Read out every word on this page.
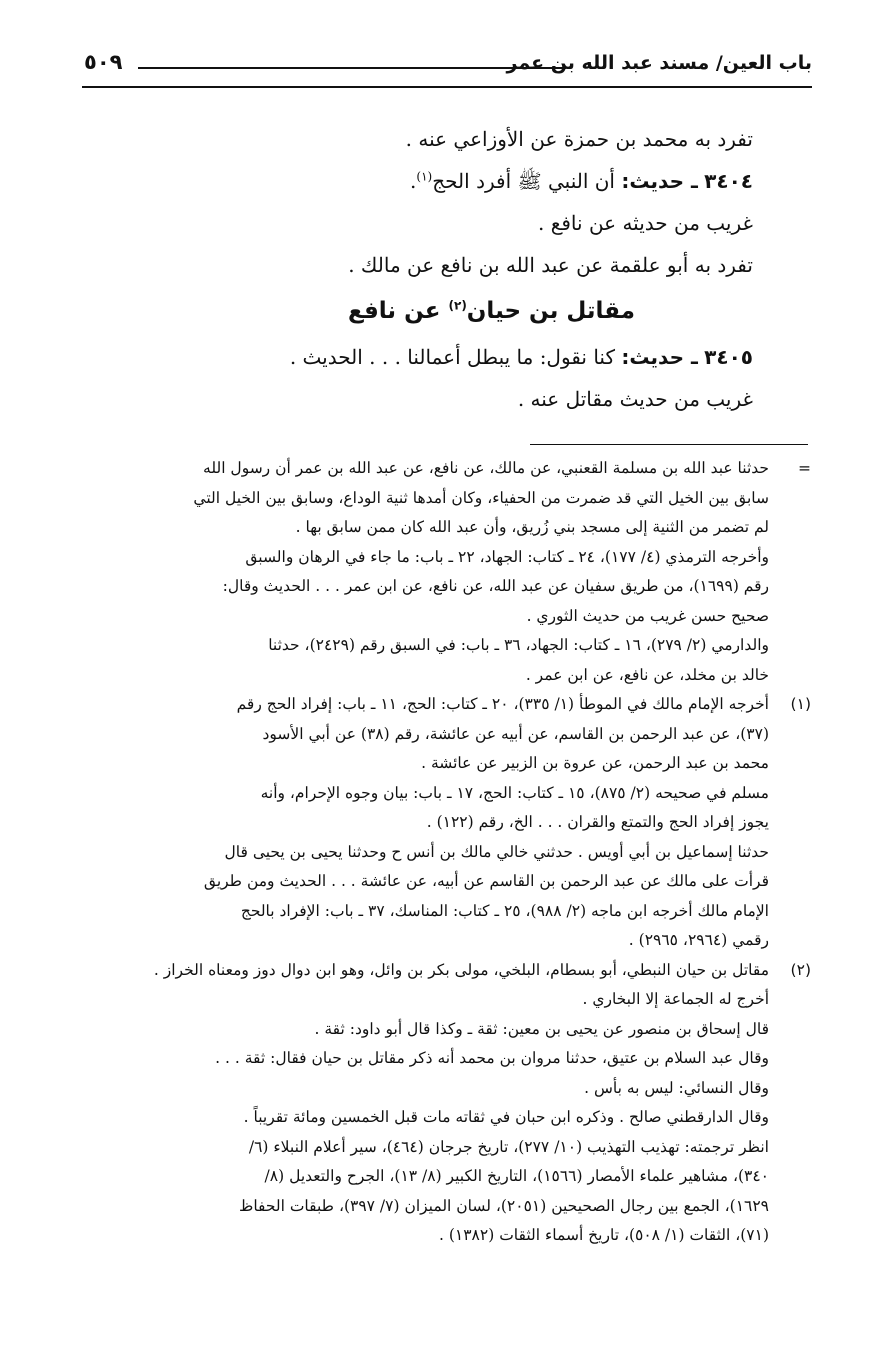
باب العين/ مسند عبد الله بن عمر
٥٠٩
تفرد به محمد بن حمزة عن الأوزاعي عنه .
٣٤٠٤ ـ حديث: أن النبي ﷺ أفرد الحج$^{(١)}$.
غريب من حديثه عن نافع .
تفرد به أبو علقمة عن عبد الله بن نافع عن مالك .
مقاتل بن حيان$^{(٢)}$ عن نافع
٣٤٠٥ ـ حديث: كنا نقول: ما يبطل أعمالنا . . . الحديث .
غريب من حديث مقاتل عنه .
=
حدثنا عبد الله بن مسلمة القعنبي، عن مالك، عن نافع، عن عبد الله بن عمر أن رسول الله
سابق بين الخيل التي قد ضمرت من الحفياء، وكان أمدها ثنية الوداع، وسابق بين الخيل التي
لم تضمر من الثنية إلى مسجد بني زُريق، وأن عبد الله كان ممن سابق بها .
وأخرجه الترمذي (٤/ ١٧٧)، ٢٤ ـ كتاب: الجهاد، ٢٢ ـ باب: ما جاء في الرهان والسبق
رقم (١٦٩٩)، من طريق سفيان عن عبد الله، عن نافع، عن ابن عمر . . . الحديث وقال:
صحيح حسن غريب من حديث الثوري .
والدارمي (٢/ ٢٧٩)، ١٦ ـ كتاب: الجهاد، ٣٦ ـ باب: في السبق رقم (٢٤٢٩)، حدثنا
خالد بن مخلد، عن نافع، عن ابن عمر .
(١)
أخرجه الإمام مالك في الموطأ (١/ ٣٣٥)، ٢٠ ـ كتاب: الحج، ١١ ـ باب: إفراد الحج رقم
(٣٧)، عن عبد الرحمن بن القاسم، عن أبيه عن عائشة، رقم (٣٨) عن أبي الأسود
محمد بن عبد الرحمن، عن عروة بن الزبير عن عائشة .
مسلم في صحيحه (٢/ ٨٧٥)، ١٥ ـ كتاب: الحج، ١٧ ـ باب: بيان وجوه الإحرام، وأنه
يجوز إفراد الحج والتمتع والقران . . . الخ، رقم (١٢٢) .
حدثنا إسماعيل بن أبي أويس . حدثني خالي مالك بن أنس ح وحدثنا يحيى بن يحيى قال
قرأت على مالك عن عبد الرحمن بن القاسم عن أبيه، عن عائشة . . . الحديث ومن طريق
الإمام مالك أخرجه ابن ماجه (٢/ ٩٨٨)، ٢٥ ـ كتاب: المناسك، ٣٧ ـ باب: الإفراد بالحج
رقمي (٢٩٦٤، ٢٩٦٥) .
(٢)
مقاتل بن حيان النبطي، أبو بسطام، البلخي، مولى بكر بن وائل، وهو ابن دوال دوز ومعناه الخراز .
أخرج له الجماعة إلا البخاري .
قال إسحاق بن منصور عن يحيى بن معين: ثقة ـ وكذا قال أبو داود: ثقة .
وقال عبد السلام بن عتيق، حدثنا مروان بن محمد أنه ذكر مقاتل بن حيان فقال: ثقة . . .
وقال النسائي: ليس به بأس .
وقال الدارقطني صالح . وذكره ابن حبان في ثقاته مات قبل الخمسين ومائة تقريباً .
انظر ترجمته: تهذيب التهذيب (١٠/ ٢٧٧)، تاريخ جرجان (٤٦٤)، سير أعلام النبلاء (٦/
٣٤٠)، مشاهير علماء الأمصار (١٥٦٦)، التاريخ الكبير (٨/ ١٣)، الجرح والتعديل (٨/
١٦٢٩)، الجمع بين رجال الصحيحين (٢٠٥١)، لسان الميزان (٧/ ٣٩٧)، طبقات الحفاظ
(٧١)، الثقات (١/ ٥٠٨)، تاريخ أسماء الثقات (١٣٨٢) .
